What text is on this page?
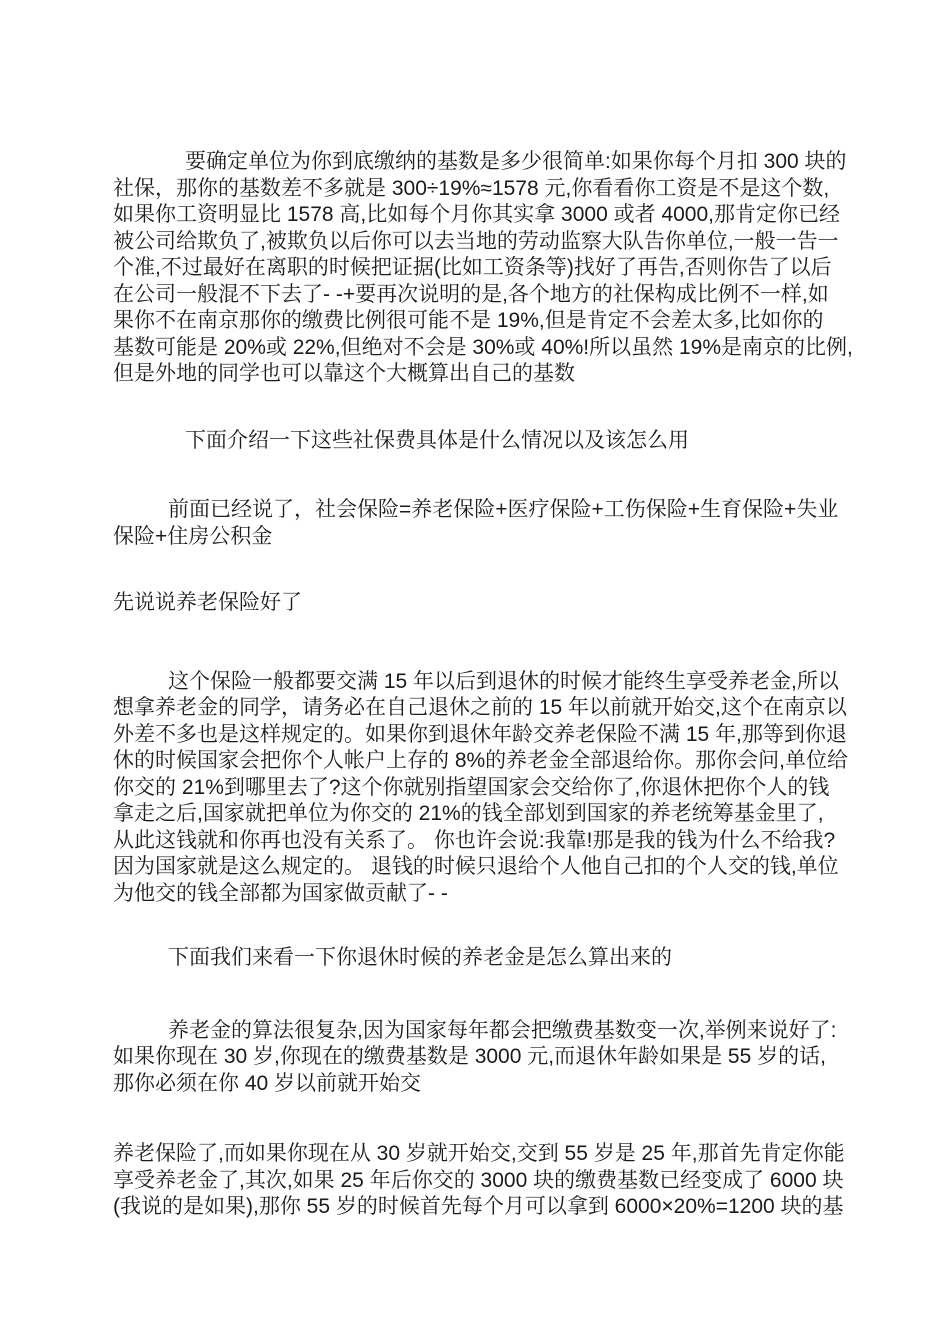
要确定单位为你到底缴纳的基数是多少很简单:如果你每个月扣 300 块的
社保，那你的基数差不多就是 300÷19%≈1578 元,你看看你工资是不是这个数,
如果你工资明显比 1578 高,比如每个月你其实拿 3000 或者 4000,那肯定你已经
被公司给欺负了,被欺负以后你可以去当地的劳动监察大队告你单位,一般一告一
个准,不过最好在离职的时候把证据(比如工资条等)找好了再告,否则你告了以后
在公司一般混不下去了- -+要再次说明的是,各个地方的社保构成比例不一样,如
果你不在南京那你的缴费比例很可能不是 19%,但是肯定不会差太多,比如你的
基数可能是 20%或 22%,但绝对不会是 30%或 40%!所以虽然 19%是南京的比例,
但是外地的同学也可以靠这个大概算出自己的基数

下面介绍一下这些社保费具体是什么情况以及该怎么用

前面已经说了，社会保险=养老保险+医疗保险+工伤保险+生育保险+失业
保险+住房公积金

先说说养老保险好了

这个保险一般都要交满 15 年以后到退休的时候才能终生享受养老金,所以
想拿养老金的同学，请务必在自己退休之前的 15 年以前就开始交,这个在南京以
外差不多也是这样规定的。如果你到退休年龄交养老保险不满 15 年,那等到你退
休的时候国家会把你个人帐户上存的 8%的养老金全部退给你。那你会问,单位给
你交的 21%到哪里去了?这个你就别指望国家会交给你了,你退休把你个人的钱
拿走之后,国家就把单位为你交的 21%的钱全部划到国家的养老统筹基金里了,
从此这钱就和你再也没有关系了。 你也许会说:我靠!那是我的钱为什么不给我?
因为国家就是这么规定的。 退钱的时候只退给个人他自己扣的个人交的钱,单位
为他交的钱全部都为国家做贡献了- -

下面我们来看一下你退休时候的养老金是怎么算出来的

养老金的算法很复杂,因为国家每年都会把缴费基数变一次,举例来说好了:
如果你现在 30 岁,你现在的缴费基数是 3000 元,而退休年龄如果是 55 岁的话,
那你必须在你 40 岁以前就开始交

养老保险了,而如果你现在从 30 岁就开始交,交到 55 岁是 25 年,那首先肯定你能
享受养老金了,其次,如果 25 年后你交的 3000 块的缴费基数已经变成了 6000 块
(我说的是如果),那你 55 岁的时候首先每个月可以拿到 6000×20%=1200 块的基
